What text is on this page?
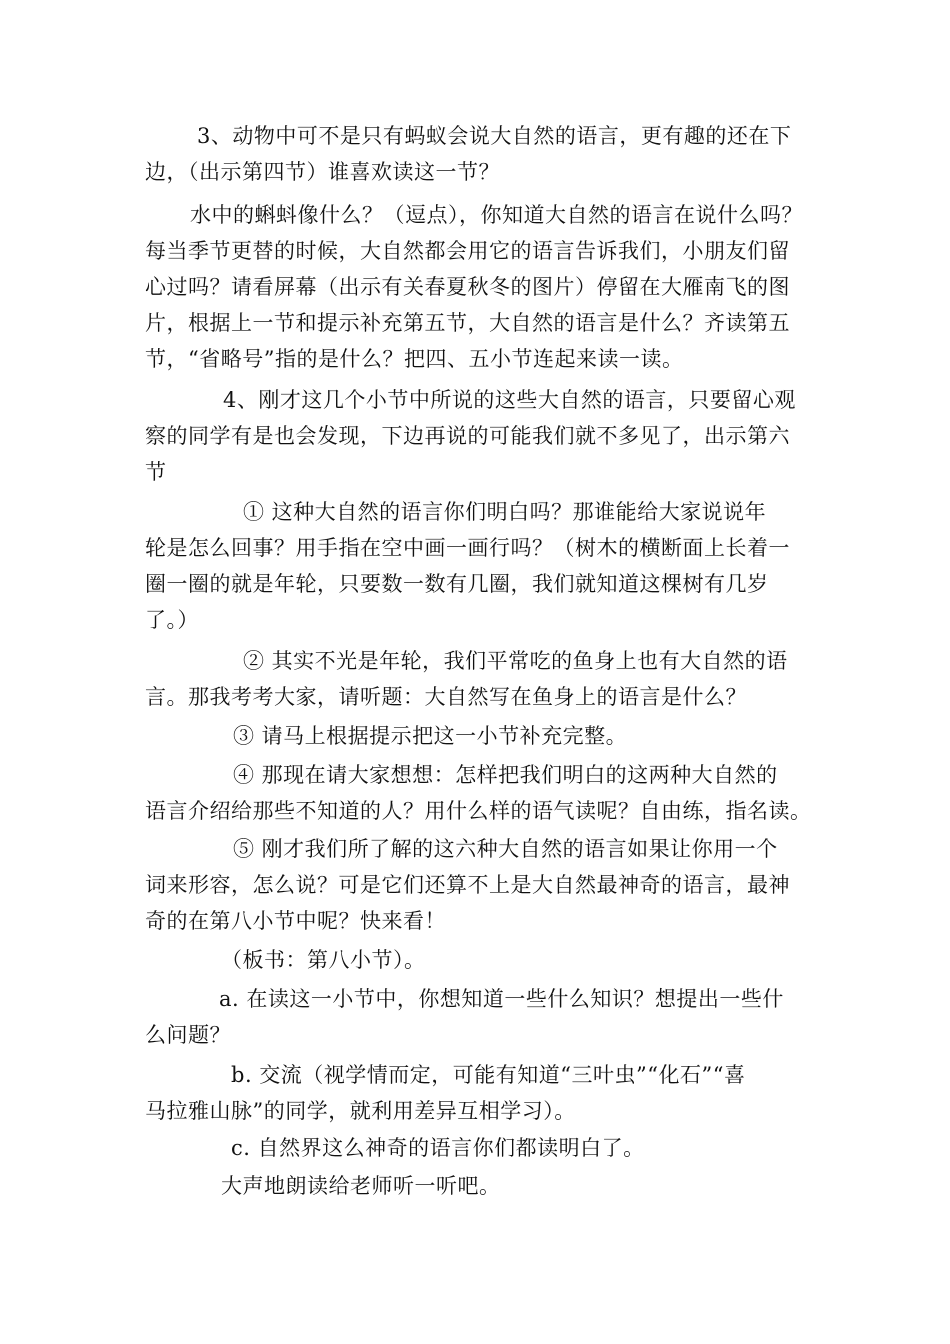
3、动物中可不是只有蚂蚁会说大自然的语言，更有趣的还在下
边，（出示第四节）谁喜欢读这一节？
水中的蝌蚪像什么？（逗点），你知道大自然的语言在说什么吗？
每当季节更替的时候，大自然都会用它的语言告诉我们，小朋友们留
心过吗？请看屏幕（出示有关春夏秋冬的图片）停留在大雁南飞的图
片，根据上一节和提示补充第五节，大自然的语言是什么？齐读第五
节，“省略号”指的是什么？把四、五小节连起来读一读。
4、刚才这几个小节中所说的这些大自然的语言，只要留心观
察的同学有是也会发现，下边再说的可能我们就不多见了，出示第六
节
① 这种大自然的语言你们明白吗？那谁能给大家说说年
轮是怎么回事？用手指在空中画一画行吗？（树木的横断面上长着一
圈一圈的就是年轮，只要数一数有几圈，我们就知道这棵树有几岁
了。）
② 其实不光是年轮，我们平常吃的鱼身上也有大自然的语
言。那我考考大家，请听题：大自然写在鱼身上的语言是什么？
③ 请马上根据提示把这一小节补充完整。
④ 那现在请大家想想：怎样把我们明白的这两种大自然的
语言介绍给那些不知道的人？用什么样的语气读呢？自由练，指名读。
⑤ 刚才我们所了解的这六种大自然的语言如果让你用一个
词来形容，怎么说？可是它们还算不上是大自然最神奇的语言，最神
奇的在第八小节中呢？快来看！
（板书：第八小节）。
a. 在读这一小节中，你想知道一些什么知识？想提出一些什
么问题？
b. 交流（视学情而定，可能有知道“三叶虫”“化石”“喜
马拉雅山脉”的同学，就利用差异互相学习）。
c. 自然界这么神奇的语言你们都读明白了。
大声地朗读给老师听一听吧。
